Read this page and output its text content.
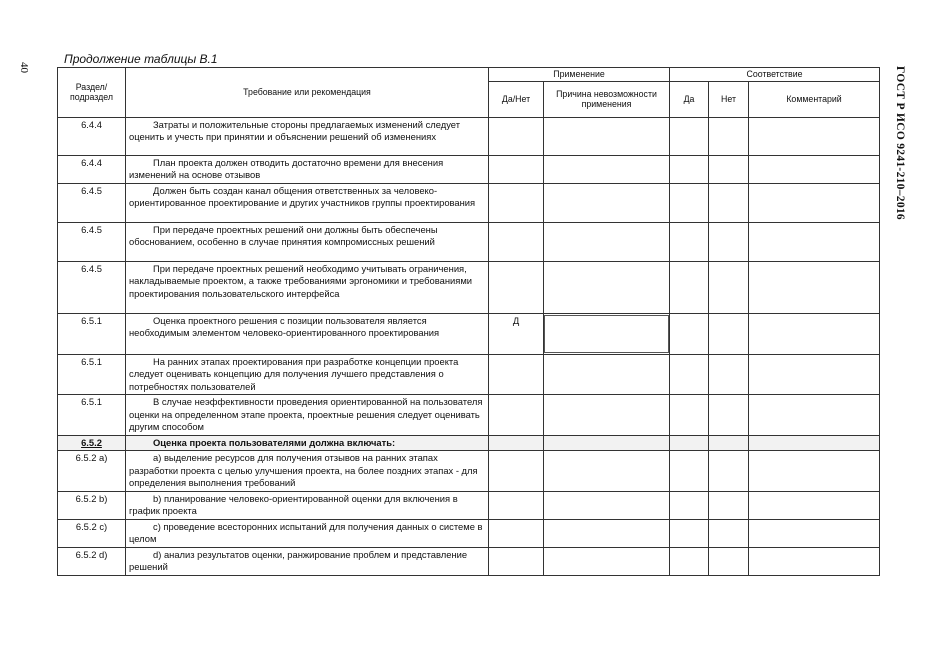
40
Продолжение таблицы В.1
ГОСТ Р ИСО 9241-210–2016
Раздел/ подраздел	Требование или рекомендация	Применение		Соответствие		
		Да/Нет	Причина невозможности применения	Да	Нет	Комментарий
6.4.4	Затраты и положительные стороны предлагаемых изменений следует оценить и учесть при принятии и объяснении решений об изменениях					
6.4.4	План проекта должен отводить достаточно времени для внесения изменений на основе отзывов					
6.4.5	Должен быть создан канал общения ответственных за человеко-ориентированное проектирование и других участников группы проектирования					
6.4.5	При передаче проектных решений они должны быть обеспечены обоснованием, особенно в случае принятия компромиссных решений					
6.4.5	При передаче проектных решений необходимо учитывать ограничения, накладываемые проектом, а также требованиями эргономики и требованиями проектирования пользовательского интерфейса					
6.5.1	Оценка проектного решения с позиции пользователя является необходимым элементом человеко-ориентированного проектирования	Д	

6.5.1	На ранних этапах проектирования при разработке концепции проекта следует оценивать концепцию для получения лучшего представления о потребностях пользователей					
6.5.1	В случае неэффективности проведения ориентированной на пользователя оценки на определенном этапе проекта, проектные решения следует оценивать другим способом					
6.5.2	Оценка проекта пользователями должна включать:					
6.5.2 a)	a) выделение ресурсов для получения отзывов на ранних этапах разработки проекта с целью улучшения проекта, на более поздних этапах - для определения выполнения требований					
6.5.2 b)	b) планирование человеко-ориентированной оценки для включения в график проекта					
6.5.2 c)	c) проведение всесторонних испытаний для получения данных о системе в целом					
6.5.2 d)	d) анализ результатов оценки, ранжирование проблем и представление решений					
